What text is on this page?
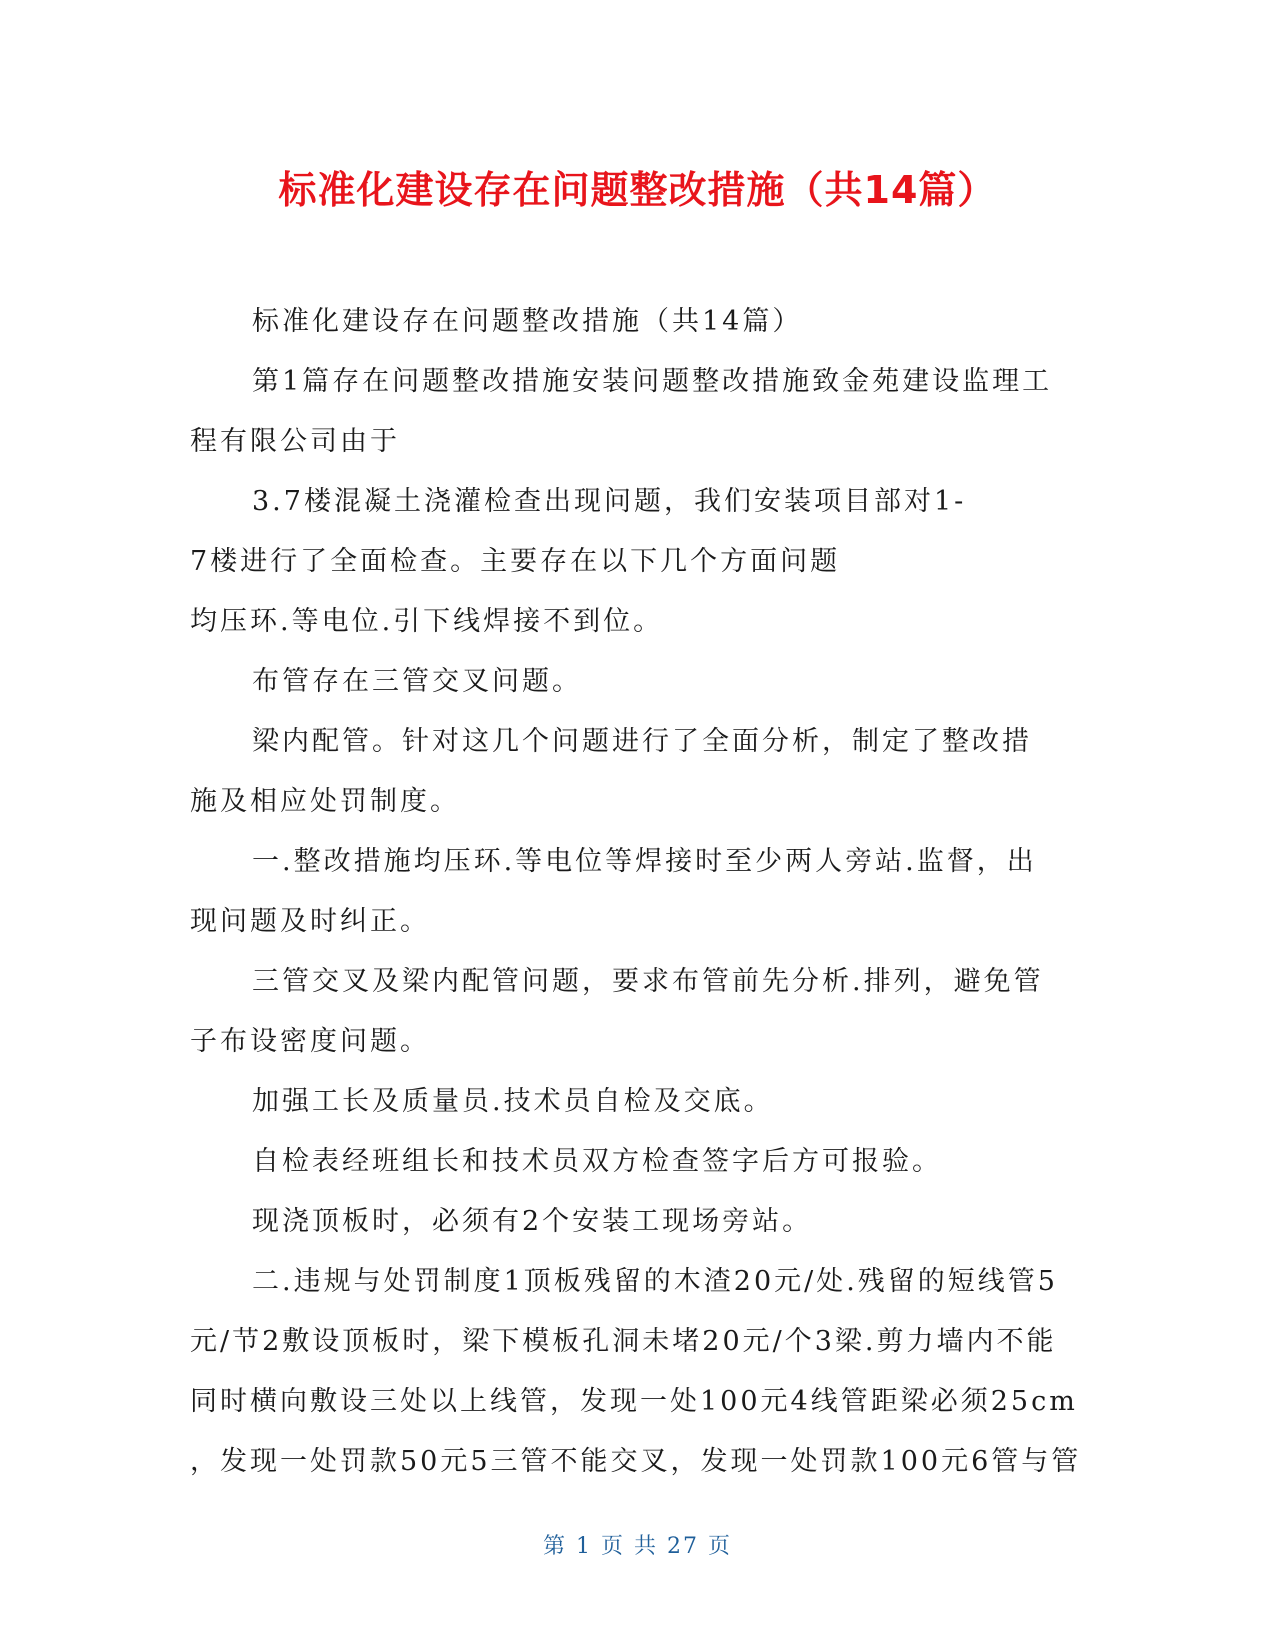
标准化建设存在问题整改措施（共14篇）
标准化建设存在问题整改措施（共14篇）
第1篇存在问题整改措施安装问题整改措施致金苑建设监理工
程有限公司由于
3.7楼混凝土浇灌检查出现问题，我们安装项目部对1-
7楼进行了全面检查。主要存在以下几个方面问题
均压环.等电位.引下线焊接不到位。
布管存在三管交叉问题。
梁内配管。针对这几个问题进行了全面分析，制定了整改措
施及相应处罚制度。
一.整改措施均压环.等电位等焊接时至少两人旁站.监督，出
现问题及时纠正。
三管交叉及梁内配管问题，要求布管前先分析.排列，避免管
子布设密度问题。
加强工长及质量员.技术员自检及交底。
自检表经班组长和技术员双方检查签字后方可报验。
现浇顶板时，必须有2个安装工现场旁站。
二.违规与处罚制度1顶板残留的木渣20元/处.残留的短线管5
元/节2敷设顶板时，梁下模板孔洞未堵20元/个3梁.剪力墙内不能
同时横向敷设三处以上线管，发现一处100元4线管距梁必须25cm
，发现一处罚款50元5三管不能交叉，发现一处罚款100元6管与管
第 1 页 共 27 页
